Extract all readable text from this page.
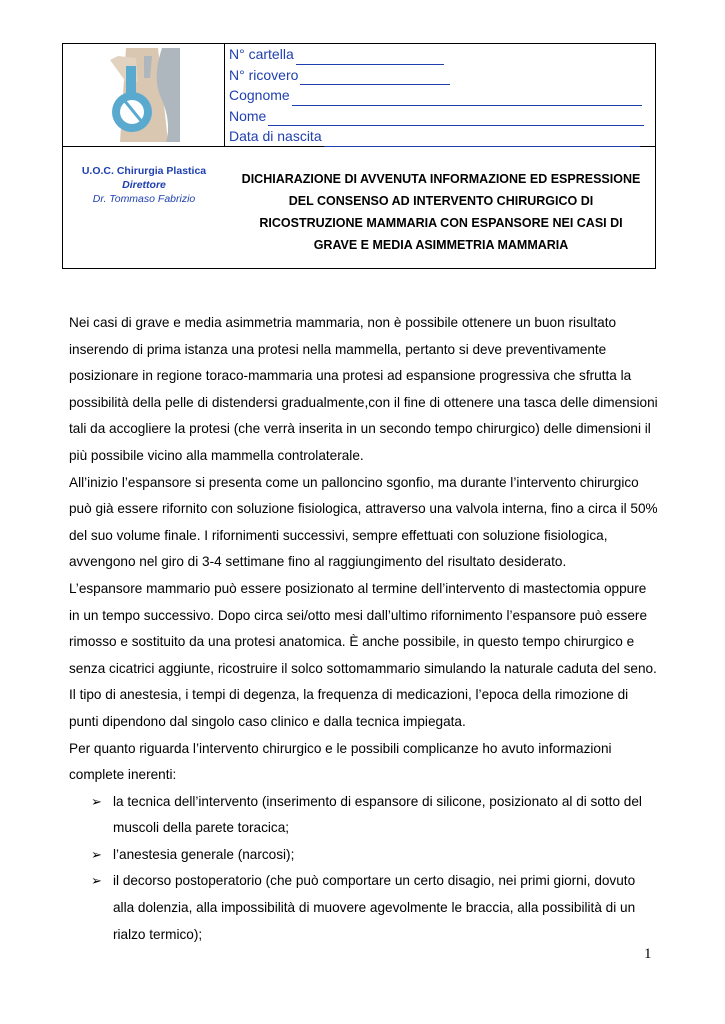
N° cartella
N° ricovero
Cognome
Nome
Data di nascita
U.O.C. Chirurgia Plastica
Direttore
Dr. Tommaso Fabrizio
DICHIARAZIONE DI AVVENUTA INFORMAZIONE ED ESPRESSIONE
DEL CONSENSO AD INTERVENTO CHIRURGICO DI
RICOSTRUZIONE MAMMARIA CON ESPANSORE NEI CASI DI
GRAVE E MEDIA ASIMMETRIA MAMMARIA

Nei casi di grave e media asimmetria mammaria, non è possibile ottenere un buon risultato inserendo di prima istanza una protesi nella mammella, pertanto si deve preventivamente posizionare in regione toraco-mammaria una protesi ad espansione progressiva che sfrutta la possibilità della pelle di distendersi gradualmente,con il fine di ottenere una tasca delle dimensioni tali da accogliere la protesi (che verrà inserita in un secondo tempo chirurgico) delle dimensioni il più possibile vicino alla mammella controlaterale.

All’inizio l’espansore si presenta come un palloncino sgonfio, ma durante l’intervento chirurgico può già essere rifornito con soluzione fisiologica, attraverso una valvola interna, fino a circa il 50% del suo volume finale. I rifornimenti successivi, sempre effettuati con soluzione fisiologica, avvengono nel giro di 3-4 settimane fino al raggiungimento del risultato desiderato.

L’espansore mammario può essere posizionato al termine dell’intervento di mastectomia oppure in un tempo successivo. Dopo circa sei/otto mesi dall’ultimo rifornimento l’espansore può essere rimosso e sostituito da una protesi anatomica. È anche possibile, in questo tempo chirurgico e senza cicatrici aggiunte, ricostruire il solco sottomammario simulando la naturale caduta del seno.

Il tipo di anestesia, i tempi di degenza, la frequenza di medicazioni, l’epoca della rimozione di punti dipendono dal singolo caso clinico e dalla tecnica impiegata.

Per quanto riguarda l’intervento chirurgico e le possibili complicanze ho avuto informazioni complete inerenti:

➢ la tecnica dell’intervento (inserimento di espansore di silicone, posizionato al di sotto del muscoli della parete toracica;
➢ l’anestesia generale (narcosi);
➢ il decorso postoperatorio (che può comportare un certo disagio, nei primi giorni, dovuto alla dolenzia, alla impossibilità di muovere agevolmente le braccia, alla possibilità di un rialzo termico);
1
